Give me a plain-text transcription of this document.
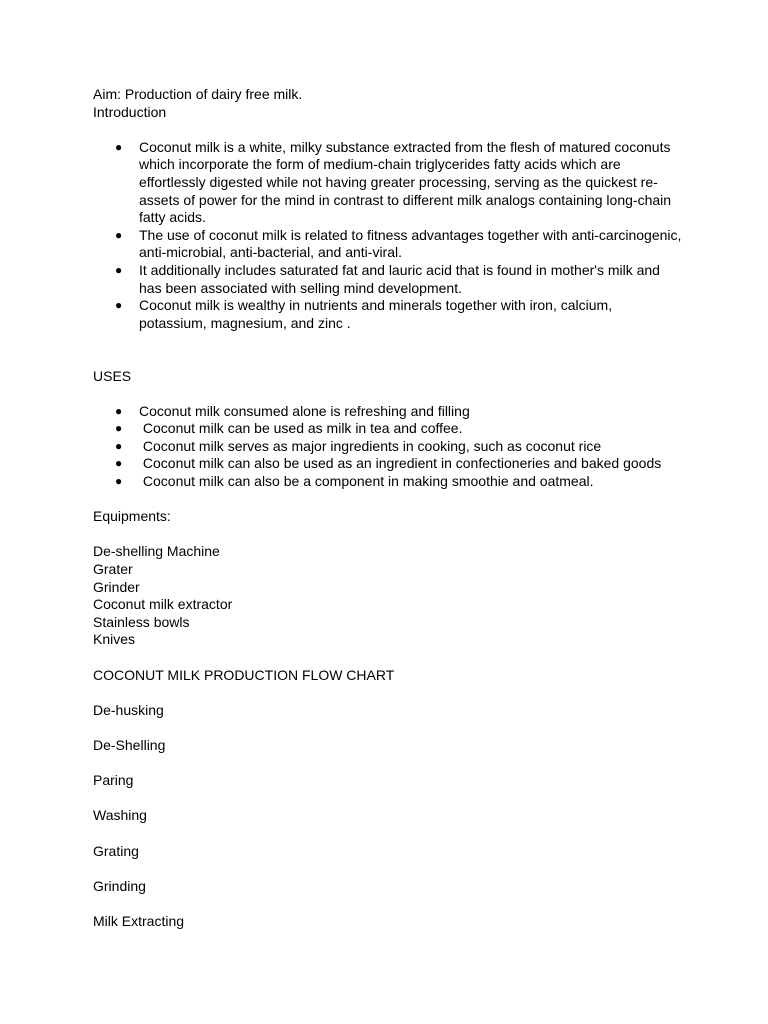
Aim: Production of dairy free milk.
Introduction
● Coconut milk is a white, milky substance extracted from the flesh of matured coconuts which incorporate the form of medium-chain triglycerides fatty acids which are effortlessly digested while not having greater processing, serving as the quickest re-assets of power for the mind in contrast to different milk analogs containing long-chain fatty acids.
● The use of coconut milk is related to fitness advantages together with anti-carcinogenic, anti-microbial, anti-bacterial, and anti-viral.
● It additionally includes saturated fat and lauric acid that is found in mother's milk and has been associated with selling mind development.
● Coconut milk is wealthy in nutrients and minerals together with iron, calcium, potassium, magnesium, and zinc .
USES
● Coconut milk consumed alone is refreshing and filling
● Coconut milk can be used as milk in tea and coffee.
● Coconut milk serves as major ingredients in cooking, such as coconut rice
● Coconut milk can also be used as an ingredient in confectioneries and baked goods
● Coconut milk can also be a component in making smoothie and oatmeal.
Equipments:
De-shelling Machine
Grater
Grinder
Coconut milk extractor
Stainless bowls
Knives
COCONUT MILK PRODUCTION FLOW CHART
De-husking
De-Shelling
Paring
Washing
Grating
Grinding
Milk Extracting
